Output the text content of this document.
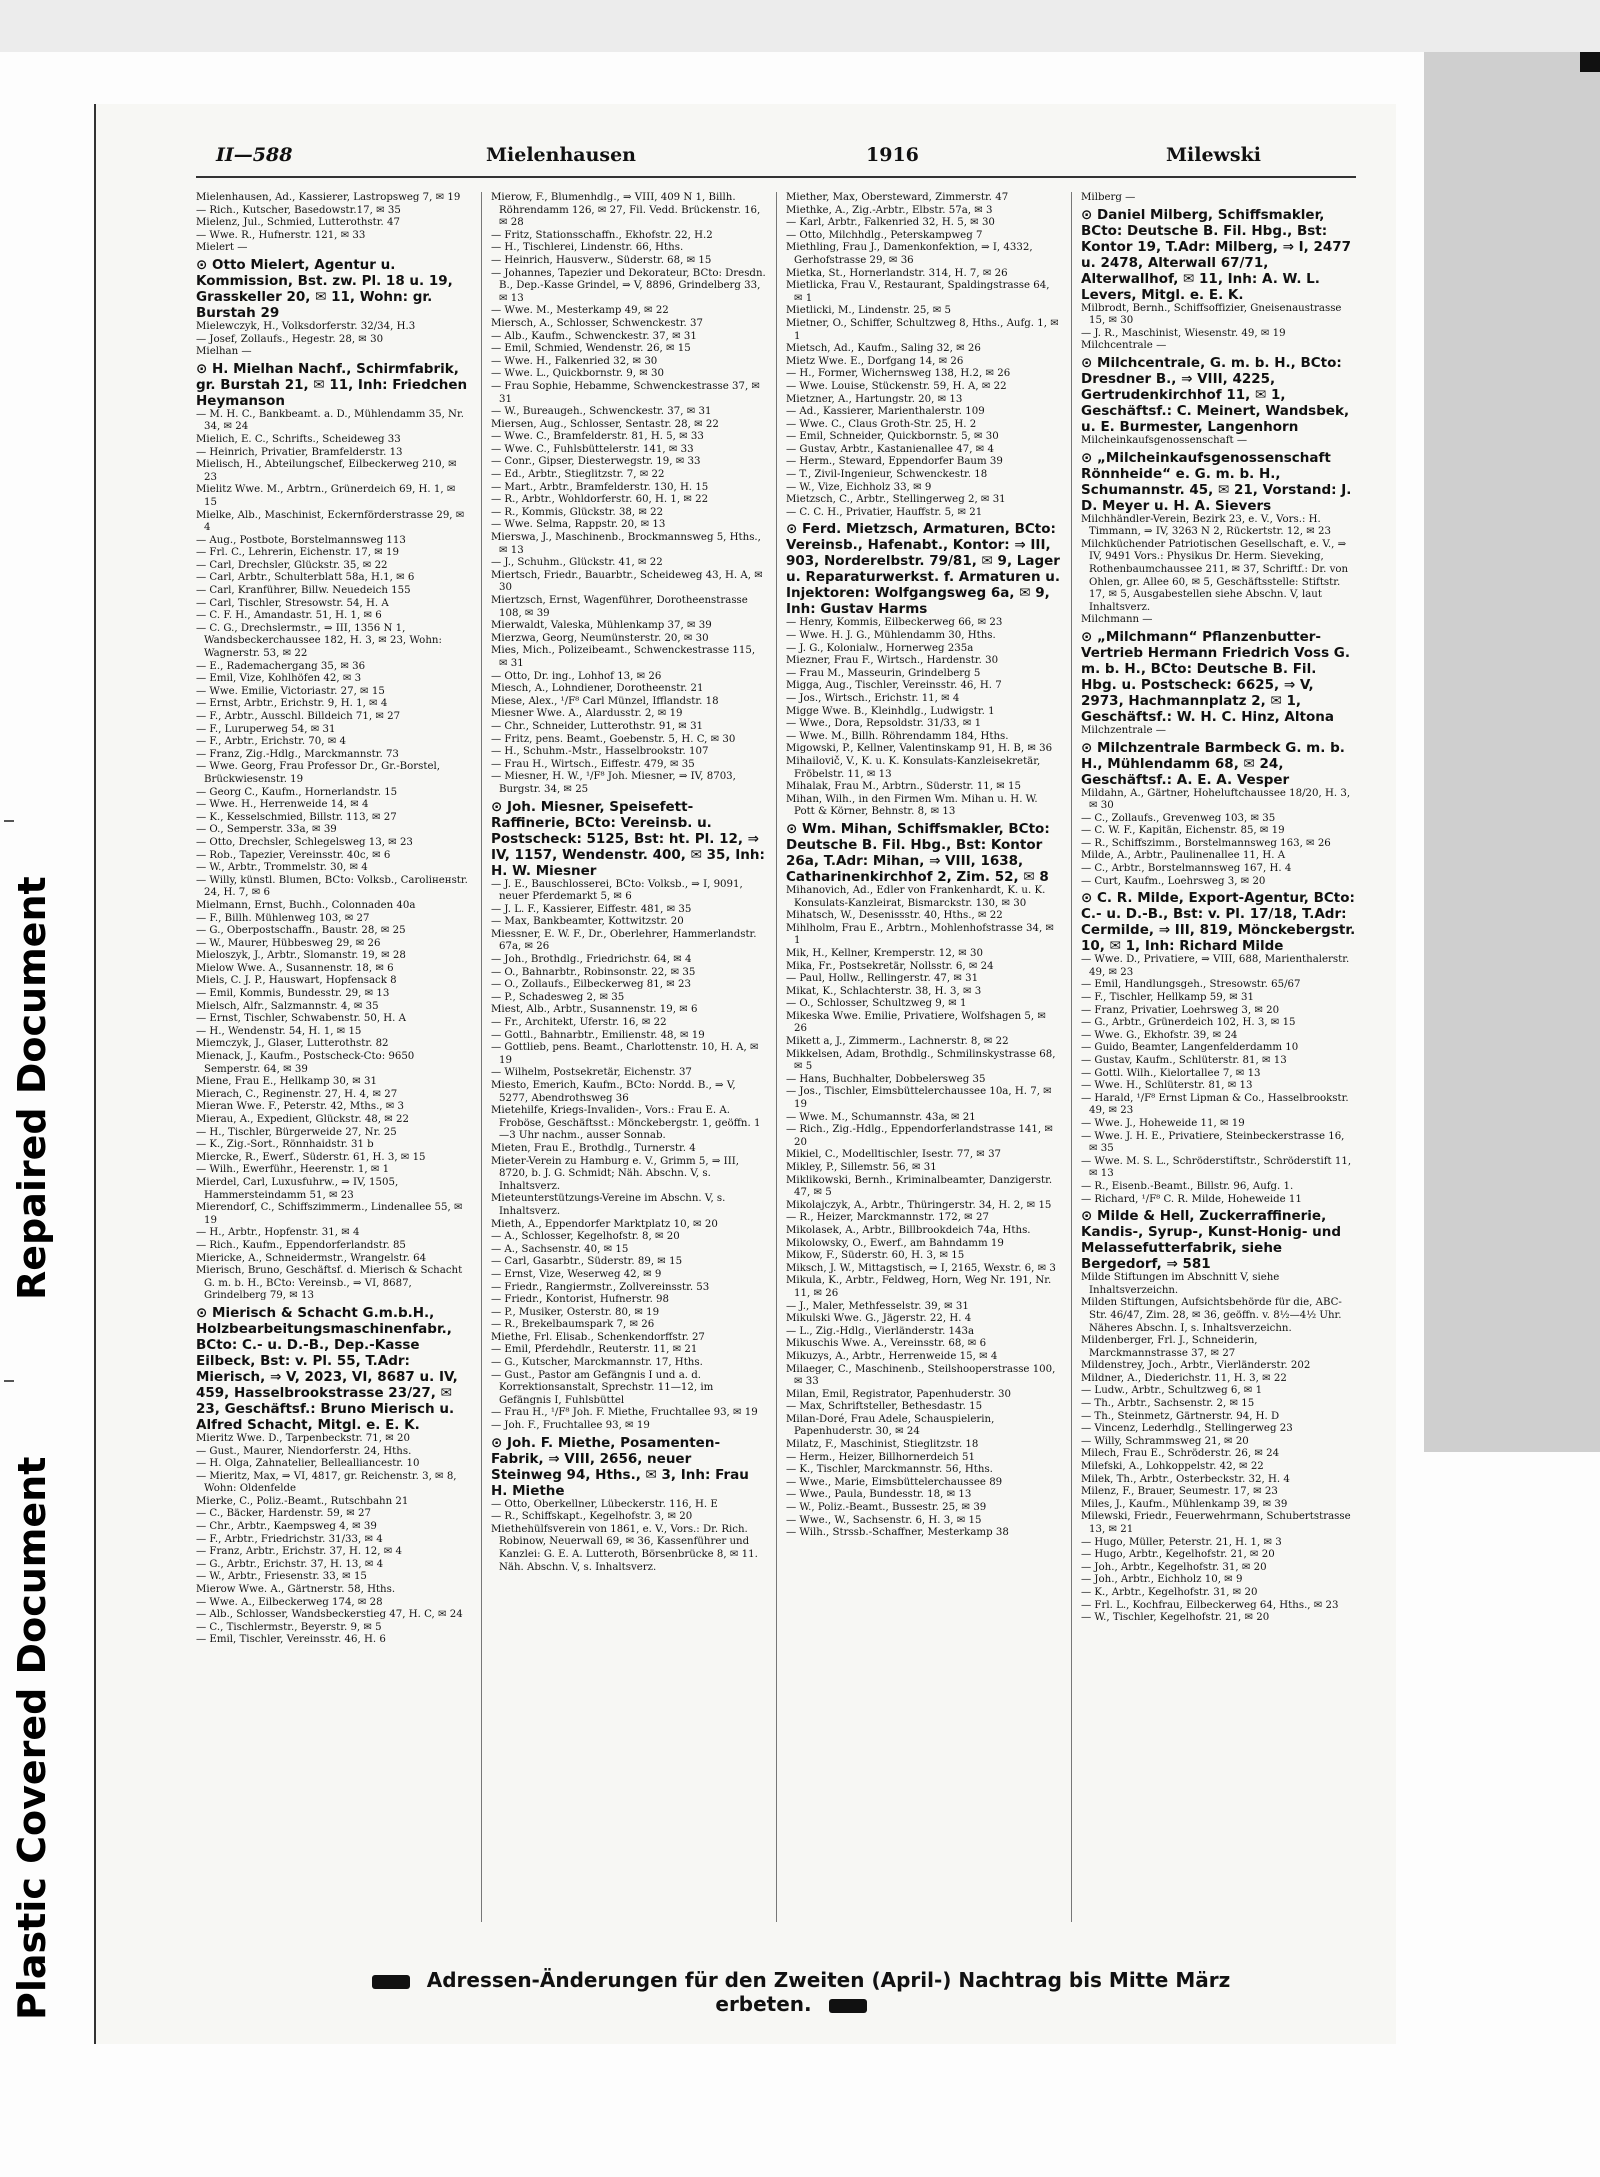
Repaired Document
Plastic Covered Document
II—588	Mielenhausen	1916	Milewski

Mielenhausen, Ad., Kassierer, Lastropsweg 7, ✉ 19

— Rich., Kutscher, Basedowstr.17, ✉ 35

Mielenz, Jul., Schmied, Lutterothstr. 47

— Wwe. R., Hufnerstr. 121, ✉ 33

Mielert —

⊙ Otto Mielert, Agentur u. Kommission, Bst. zw. Pl. 18 u. 19, Grasskeller 20, ✉ 11, Wohn: gr. Burstah 29

Mielewczyk, H., Volksdorferstr. 32/34, H.3

— Josef, Zollaufs., Hegestr. 28, ✉ 30

Mielhan —

⊙ H. Mielhan Nachf., Schirmfabrik, gr. Burstah 21, ✉ 11, Inh: Friedchen Heymanson

— M. H. C., Bankbeamt. a. D., Mühlendamm 35, Nr. 34, ✉ 24

Mielich, E. C., Schrifts., Scheideweg 33

— Heinrich, Privatier, Bramfelderstr. 13

Mielisch, H., Abteilungschef, Eilbeckerweg 210, ✉ 23

Mielitz Wwe. M., Arbtrn., Grünerdeich 69, H. 1, ✉ 15

Mielke, Alb., Maschinist, Eckernförderstrasse 29, ✉ 4

— Aug., Postbote, Borstelmannsweg 113

— Frl. C., Lehrerin, Eichenstr. 17, ✉ 19

— Carl, Drechsler, Glückstr. 35, ✉ 22

— Carl, Arbtr., Schulterblatt 58a, H.1, ✉ 6

— Carl, Kranführer, Billw. Neuedeich 155

— Carl, Tischler, Stresowstr. 54, H. A

— C. F. H., Amandastr. 51, H. 1, ✉ 6

— C. G., Drechslermstr., ⇒ III, 1356 N 1, Wandsbeckerchaussee 182, H. 3, ✉ 23, Wohn: Wagnerstr. 53, ✉ 22

— E., Rademachergang 35, ✉ 36

— Emil, Vize, Kohlhöfen 42, ✉ 3

— Wwe. Emilie, Victoriastr. 27, ✉ 15

— Ernst, Arbtr., Erichstr. 9, H. 1, ✉ 4

— F., Arbtr., Ausschl. Billdeich 71, ✉ 27

— F., Luruperweg 54, ✉ 31

— F., Arbtr., Erichstr. 70, ✉ 4

— Franz, Zig.-Hdlg., Marckmannstr. 73

— Wwe. Georg, Frau Professor Dr., Gr.-Borstel, Brückwiesenstr. 19

— Georg C., Kaufm., Hornerlandstr. 15

— Wwe. H., Herrenweide 14, ✉ 4

— K., Kesselschmied, Billstr. 113, ✉ 27

— O., Semperstr. 33a, ✉ 39

— Otto, Drechsler, Schlegelsweg 13, ✉ 23

— Rob., Tapezier, Vereinsstr. 40c, ✉ 6

— W., Arbtr., Trommelstr. 30, ✉ 4

— Willy, künstl. Blumen, BCto: Volksb., Caroliненstr. 24, H. 7, ✉ 6

Mielmann, Ernst, Buchh., Colonnaden 40a

— F., Billh. Mühlenweg 103, ✉ 27

— G., Oberpostschaffn., Baustr. 28, ✉ 25

— W., Maurer, Hübbesweg 29, ✉ 26

Mieloszyk, J., Arbtr., Slomanstr. 19, ✉ 28

Mielow Wwe. A., Susannenstr. 18, ✉ 6

Miels, C. J. P., Hauswart, Hopfensack 8

— Emil, Kommis, Bundesstr. 29, ✉ 13

Mielsch, Alfr., Salzmannstr. 4, ✉ 35

— Ernst, Tischler, Schwabenstr. 50, H. A

— H., Wendenstr. 54, H. 1, ✉ 15

Miemczyk, J., Glaser, Lutterothstr. 82

Mienack, J., Kaufm., Postscheck-Cto: 9650 Semperstr. 64, ✉ 39

Miene, Frau E., Hellkamp 30, ✉ 31

Mierach, C., Reginenstr. 27, H. 4, ✉ 27

Mieran Wwe. F., Peterstr. 42, Mths., ✉ 3

Mierau, A., Expedient, Glückstr. 48, ✉ 22

— H., Tischler, Bürgerweide 27, Nr. 25

— K., Zig.-Sort., Rönnhaidstr. 31 b

Miercke, R., Ewerf., Süderstr. 61, H. 3, ✉ 15

— Wilh., Ewerführ., Heerenstr. 1, ✉ 1

Mierdel, Carl, Luxusfuhrw., ⇒ IV, 1505, Hammersteindamm 51, ✉ 23

Mierendorf, C., Schiffszimmerm., Lindenallee 55, ✉ 19

— H., Arbtr., Hopfenstr. 31, ✉ 4

— Rich., Kaufm., Eppendorferlandstr. 85

Miericke, A., Schneidermstr., Wrangelstr. 64

Mierisch, Bruno, Geschäftsf. d. Mierisch & Schacht G. m. b. H., BCto: Vereinsb., ⇒ VI, 8687, Grindelberg 79, ✉ 13

⊙ Mierisch & Schacht G.m.b.H., Holzbearbeitungsmaschinenfabr., BCto: C.- u. D.-B., Dep.-Kasse Eilbeck, Bst: v. Pl. 55, T.Adr: Mierisch, ⇒ V, 2023, VI, 8687 u. IV, 459, Hasselbrookstrasse 23/27, ✉ 23, Geschäftsf.: Bruno Mierisch u. Alfred Schacht, Mitgl. e. E. K.

Mieritz Wwe. D., Tarpenbeckstr. 71, ✉ 20

— Gust., Maurer, Niendorferstr. 24, Hths.

— H. Olga, Zahnatelier, Bellealliancestr. 10

— Mieritz, Max, ⇒ VI, 4817, gr. Reichenstr. 3, ✉ 8, Wohn: Oldenfelde

Mierke, C., Poliz.-Beamt., Rutschbahn 21

— C., Bäcker, Hardenstr. 59, ✉ 27

— Chr., Arbtr., Kaempsweg 4, ✉ 39

— F., Arbtr., Friedrichstr. 31/33, ✉ 4

— Franz, Arbtr., Erichstr. 37, H. 12, ✉ 4

— G., Arbtr., Erichstr. 37, H. 13, ✉ 4

— W., Arbtr., Friesenstr. 33, ✉ 15

Mierow Wwe. A., Gärtnerstr. 58, Hths.

— Wwe. A., Eilbeckerweg 174, ✉ 28

— Alb., Schlosser, Wandsbeckerstieg 47, H. C, ✉ 24

— C., Tischlermstr., Beyerstr. 9, ✉ 5

— Emil, Tischler, Vereinsstr. 46, H. 6

Mierow, F., Blumenhdlg., ⇒ VIII, 409 N 1, Billh. Röhrendamm 126, ✉ 27, Fil. Vedd. Brückenstr. 16, ✉ 28

— Fritz, Stationsschaffn., Ekhofstr. 22, H.2

— H., Tischlerei, Lindenstr. 66, Hths.

— Heinrich, Hausverw., Süderstr. 68, ✉ 15

— Johannes, Tapezier und Dekorateur, BCto: Dresdn. B., Dep.-Kasse Grindel, ⇒ V, 8896, Grindelberg 33, ✉ 13

— Wwe. M., Mesterkamp 49, ✉ 22

Miersch, A., Schlosser, Schwenckestr. 37

— Alb., Kaufm., Schwenckestr. 37, ✉ 31

— Emil, Schmied, Wendenstr. 26, ✉ 15

— Wwe. H., Falkenried 32, ✉ 30

— Wwe. L., Quickbornstr. 9, ✉ 30

— Frau Sophie, Hebamme, Schwenckestrasse 37, ✉ 31

— W., Bureaugeh., Schwenckestr. 37, ✉ 31

Miersen, Aug., Schlosser, Sentastr. 28, ✉ 22

— Wwe. C., Bramfelderstr. 81, H. 5, ✉ 33

— Wwe. C., Fuhlsbüttelerstr. 141, ✉ 33

— Conr., Gipser, Diesterwegstr. 19, ✉ 33

— Ed., Arbtr., Stieglitzstr. 7, ✉ 22

— Mart., Arbtr., Bramfelderstr. 130, H. 15

— R., Arbtr., Wohldorferstr. 60, H. 1, ✉ 22

— R., Kommis, Glückstr. 38, ✉ 22

— Wwe. Selma, Rappstr. 20, ✉ 13

Mierswa, J., Maschinenb., Brockmannsweg 5, Hths., ✉ 13

— J., Schuhm., Glückstr. 41, ✉ 22

Miertsch, Friedr., Bauarbtr., Scheideweg 43, H. A, ✉ 30

Miertzsch, Ernst, Wagenführer, Dorotheenstrasse 108, ✉ 39

Mierwaldt, Valeska, Mühlenkamp 37, ✉ 39

Mierzwa, Georg, Neumünsterstr. 20, ✉ 30

Mies, Mich., Polizeibeamt., Schwenckestrasse 115, ✉ 31

— Otto, Dr. ing., Lohhof 13, ✉ 26

Miesch, A., Lohndiener, Dorotheenstr. 21

Miese, Alex., ¹/F⁸ Carl Münzel, Ifflandstr. 18

Miesner Wwe. A., Alardusstr. 2, ✉ 19

— Chr., Schneider, Lutterothstr. 91, ✉ 31

— Fritz, pens. Beamt., Goebenstr. 5, H. C, ✉ 30

— H., Schuhm.-Mstr., Hasselbrookstr. 107

— Frau H., Wirtsch., Eiffestr. 479, ✉ 35

— Miesner, H. W., ¹/F⁸ Joh. Miesner, ⇒ IV, 8703, Burgstr. 34, ✉ 25

⊙ Joh. Miesner, Speisefett-Raffinerie, BCto: Vereinsb. u. Postscheck: 5125, Bst: ht. Pl. 12, ⇒ IV, 1157, Wendenstr. 400, ✉ 35, Inh: H. W. Miesner

— J. E., Bauschlosserei, BCto: Volksb., ⇒ I, 9091, neuer Pferdemarkt 5, ✉ 6

— J. L. F., Kassierer, Eiffestr. 481, ✉ 35

— Max, Bankbeamter, Kottwitzstr. 20

Miessner, E. W. F., Dr., Oberlehrer, Hammerlandstr. 67a, ✉ 26

— Joh., Brothdlg., Friedrichstr. 64, ✉ 4

— O., Bahnarbtr., Robinsonstr. 22, ✉ 35

— O., Zollaufs., Eilbeckerweg 81, ✉ 23

— P., Schadesweg 2, ✉ 35

Miest, Alb., Arbtr., Susannenstr. 19, ✉ 6

— Fr., Architekt, Uferstr. 16, ✉ 22

— Gottl., Bahnarbtr., Emilienstr. 48, ✉ 19

— Gottlieb, pens. Beamt., Charlottenstr. 10, H. A, ✉ 19

— Wilhelm, Postsekretär, Eichenstr. 37

Miesto, Emerich, Kaufm., BCto: Nordd. B., ⇒ V, 5277, Abendrothsweg 36

Mietehilfe, Kriegs-Invaliden-, Vors.: Frau E. A. Froböse, Geschäftsst.: Mönckebergstr. 1, geöffn. 1—3 Uhr nachm., ausser Sonnab.

Mieten, Frau E., Brothdlg., Turnerstr. 4

Mieter-Verein zu Hamburg e. V., Grimm 5, ⇒ III, 8720, b. J. G. Schmidt; Näh. Abschn. V, s. Inhaltsverz.

Mieteunterstützungs-Vereine im Abschn. V, s. Inhaltsverz.

Mieth, A., Eppendorfer Marktplatz 10, ✉ 20

— A., Schlosser, Kegelhofstr. 8, ✉ 20

— A., Sachsenstr. 40, ✉ 15

— Carl, Gasarbtr., Süderstr. 89, ✉ 15

— Ernst, Vize, Weserweg 42, ✉ 9

— Friedr., Rangiermstr., Zollvereinsstr. 53

— Friedr., Kontorist, Hufnerstr. 98

— P., Musiker, Osterstr. 80, ✉ 19

— R., Brekelbaumspark 7, ✉ 26

Miethe, Frl. Elisab., Schenkendorffstr. 27

— Emil, Pferdehdlr., Reuterstr. 11, ✉ 21

— G., Kutscher, Marckmannstr. 17, Hths.

— Gust., Pastor am Gefängnis I und a. d. Korrektionsanstalt, Sprechstr. 11—12, im Gefängnis I, Fuhlsbüttel

— Frau H., ¹/F⁸ Joh. F. Miethe, Fruchtallee 93, ✉ 19

— Joh. F., Fruchtallee 93, ✉ 19

⊙ Joh. F. Miethe, Posamenten-Fabrik, ⇒ VIII, 2656, neuer Steinweg 94, Hths., ✉ 3, Inh: Frau H. Miethe

— Otto, Oberkellner, Lübeckerstr. 116, H. E

— R., Schiffskapt., Kegelhofstr. 3, ✉ 20

Miethehülfsverein von 1861, e. V., Vors.: Dr. Rich. Robinow, Neuerwall 69, ✉ 36, Kassenführer und Kanzlei: G. E. A. Lutteroth, Börsenbrücke 8, ✉ 11. Näh. Abschn. V, s. Inhaltsverz.

Miether, Max, Obersteward, Zimmerstr. 47

Miethke, A., Zig.-Arbtr., Elbstr. 57a, ✉ 3

— Karl, Arbtr., Falkenried 32, H. 5, ✉ 30

— Otto, Milchhdlg., Peterskampweg 7

Miethling, Frau J., Damenkonfektion, ⇒ I, 4332, Gerhofstrasse 29, ✉ 36

Mietka, St., Hornerlandstr. 314, H. 7, ✉ 26

Mietlicka, Frau V., Restaurant, Spaldingstrasse 64, ✉ 1

Mietlicki, M., Lindenstr. 25, ✉ 5

Mietner, O., Schiffer, Schultzweg 8, Hths., Aufg. 1, ✉ 1

Mietsch, Ad., Kaufm., Saling 32, ✉ 26

Mietz Wwe. E., Dorfgang 14, ✉ 26

— H., Former, Wichernsweg 138, H.2, ✉ 26

— Wwe. Louise, Stückenstr. 59, H. A, ✉ 22

Mietzner, A., Hartungstr. 20, ✉ 13

— Ad., Kassierer, Marienthalerstr. 109

— Wwe. C., Claus Groth-Str. 25, H. 2

— Emil, Schneider, Quickbornstr. 5, ✉ 30

— Gustav, Arbtr., Kastanienallee 47, ✉ 4

— Herm., Steward, Eppendorfer Baum 39

— T., Zivil-Ingenieur, Schwenckestr. 18

— W., Vize, Eichholz 33, ✉ 9

Mietzsch, C., Arbtr., Stellingerweg 2, ✉ 31

— C. C. H., Privatier, Hauffstr. 5, ✉ 21

⊙ Ferd. Mietzsch, Armaturen, BCto: Vereinsb., Hafenabt., Kontor: ⇒ III, 903, Norderelbstr. 79/81, ✉ 9, Lager u. Reparaturwerkst. f. Armaturen u. Injektoren: Wolfgangsweg 6a, ✉ 9, Inh: Gustav Harms

— Henry, Kommis, Eilbeckerweg 66, ✉ 23

— Wwe. H. J. G., Mühlendamm 30, Hths.

— J. G., Kolonialw., Hornerweg 235a

Miezner, Frau F., Wirtsch., Hardenstr. 30

— Frau M., Masseurin, Grindelberg 5

Migga, Aug., Tischler, Vereinsstr. 46, H. 7

— Jos., Wirtsch., Erichstr. 11, ✉ 4

Migge Wwe. B., Kleinhdlg., Ludwigstr. 1

— Wwe., Dora, Repsoldstr. 31/33, ✉ 1

— Wwe. M., Billh. Röhrendamm 184, Hths.

Migowski, P., Kellner, Valentinskamp 91, H. B, ✉ 36

Mihailovič, V., K. u. K. Konsulats-Kanzleisekretär, Fröbelstr. 11, ✉ 13

Mihalak, Frau M., Arbtrn., Süderstr. 11, ✉ 15

Mihan, Wilh., in den Firmen Wm. Mihan u. H. W. Pott & Körner, Behnstr. 8, ✉ 13

⊙ Wm. Mihan, Schiffsmakler, BCto: Deutsche B. Fil. Hbg., Bst: Kontor 26a, T.Adr: Mihan, ⇒ VIII, 1638, Catharinenkirchhof 2, Zim. 52, ✉ 8

Mihanovich, Ad., Edler von Frankenhardt, K. u. K. Konsulats-Kanzleirat, Bismarckstr. 130, ✉ 30

Mihatsch, W., Desenissstr. 40, Hths., ✉ 22

Mihlholm, Frau E., Arbtrn., Mohlenhofstrasse 34, ✉ 1

Mik, H., Kellner, Kremperstr. 12, ✉ 30

Mika, Fr., Postsekretär, Nollsstr. 6, ✉ 24

— Paul, Hollw., Rellingerstr. 47, ✉ 31

Mikat, K., Schlachterstr. 38, H. 3, ✉ 3

— O., Schlosser, Schultzweg 9, ✉ 1

Mikeska Wwe. Emilie, Privatiere, Wolfshagen 5, ✉ 26

Mikett a, J., Zimmerm., Lachnerstr. 8, ✉ 22

Mikkelsen, Adam, Brothdlg., Schmilinskystrasse 68, ✉ 5

— Hans, Buchhalter, Dobbelersweg 35

— Jos., Tischler, Eimsbüttelerchaussee 10a, H. 7, ✉ 19

— Wwe. M., Schumannstr. 43a, ✉ 21

— Rich., Zig.-Hdlg., Eppendorferlandstrasse 141, ✉ 20

Mikiel, C., Modelltischler, Isestr. 77, ✉ 37

Mikley, P., Sillemstr. 56, ✉ 31

Miklikowski, Bernh., Kriminalbeamter, Danzigerstr. 47, ✉ 5

Mikolajczyk, A., Arbtr., Thüringerstr. 34, H. 2, ✉ 15

— R., Heizer, Marckmannstr. 172, ✉ 27

Mikolasek, A., Arbtr., Billbrookdeich 74a, Hths.

Mikolowsky, O., Ewerf., am Bahndamm 19

Mikow, F., Süderstr. 60, H. 3, ✉ 15

Miksch, J. W., Mittagstisch, ⇒ I, 2165, Wexstr. 6, ✉ 3

Mikula, K., Arbtr., Feldweg, Horn, Weg Nr. 191, Nr. 11, ✉ 26

— J., Maler, Methfesselstr. 39, ✉ 31

Mikulski Wwe. G., Jägerstr. 22, H. 4

— L., Zig.-Hdlg., Vierländerstr. 143a

Mikuschis Wwe. A., Vereinsstr. 68, ✉ 6

Mikuzys, A., Arbtr., Herrenweide 15, ✉ 4

Milaeger, C., Maschinenb., Steilshooperstrasse 100, ✉ 33

Milan, Emil, Registrator, Papenhuderstr. 30

— Max, Schriftsteller, Bethesdastr. 15

Milan-Doré, Frau Adele, Schauspielerin, Papenhuderstr. 30, ✉ 24

Milatz, F., Maschinist, Stieglitzstr. 18

— Herm., Heizer, Billhornerdeich 51

— K., Tischler, Marckmannstr. 56, Hths.

— Wwe., Marie, Eimsbüttelerchaussee 89

— Wwe., Paula, Bundesstr. 18, ✉ 13

— W., Poliz.-Beamt., Bussestr. 25, ✉ 39

— Wwe., W., Sachsenstr. 6, H. 3, ✉ 15

— Wilh., Strssb.-Schaffner, Mesterkamp 38

Milberg —

⊙ Daniel Milberg, Schiffsmakler, BCto: Deutsche B. Fil. Hbg., Bst: Kontor 19, T.Adr: Milberg, ⇒ I, 2477 u. 2478, Alterwall 67/71, Alterwallhof, ✉ 11, Inh: A. W. L. Levers, Mitgl. e. E. K.

Milbrodt, Bernh., Schiffsoffizier, Gneisenaustrasse 15, ✉ 30

— J. R., Maschinist, Wiesenstr. 49, ✉ 19

Milchcentrale —

⊙ Milchcentrale, G. m. b. H., BCto: Dresdner B., ⇒ VIII, 4225, Gertrudenkirchhof 11, ✉ 1, Geschäftsf.: C. Meinert, Wandsbek, u. E. Burmester, Langenhorn

Milcheinkaufsgenossenschaft —

⊙ „Milcheinkaufsgenossenschaft Rönnheide“ e. G. m. b. H., Schumannstr. 45, ✉ 21, Vorstand: J. D. Meyer u. H. A. Sievers

Milchhändler-Verein, Bezirk 23, e. V., Vors.: H. Timmann, ⇒ IV, 3263 N 2, Rückertstr. 12, ✉ 23

Milchküchender Patriotischen Gesellschaft, e. V., ⇒ IV, 9491 Vors.: Physikus Dr. Herm. Sieveking, Rothenbaumchaussee 211, ✉ 37, Schriftf.: Dr. von Ohlen, gr. Allee 60, ✉ 5, Geschäftsstelle: Stiftstr. 17, ✉ 5, Ausgabestellen siehe Abschn. V, laut Inhaltsverz.

Milchmann —

⊙ „Milchmann“ Pflanzenbutter-Vertrieb Hermann Friedrich Voss G. m. b. H., BCto: Deutsche B. Fil. Hbg. u. Postscheck: 6625, ⇒ V, 2973, Hachmannplatz 2, ✉ 1, Geschäftsf.: W. H. C. Hinz, Altona

Milchzentrale —

⊙ Milchzentrale Barmbeck G. m. b. H., Mühlendamm 68, ✉ 24, Geschäftsf.: A. E. A. Vesper

Mildahn, A., Gärtner, Hoheluftchaussee 18/20, H. 3, ✉ 30

— C., Zollaufs., Grevenweg 103, ✉ 35

— C. W. F., Kapitän, Eichenstr. 85, ✉ 19

— R., Schiffszimm., Borstelmannsweg 163, ✉ 26

Milde, A., Arbtr., Paulinenallee 11, H. A

— C., Arbtr., Borstelmannsweg 167, H. 4

— Curt, Kaufm., Loehrsweg 3, ✉ 20

⊙ C. R. Milde, Export-Agentur, BCto: C.- u. D.-B., Bst: v. Pl. 17/18, T.Adr: Cermilde, ⇒ III, 819, Mönckebergstr. 10, ✉ 1, Inh: Richard Milde

— Wwe. D., Privatiere, ⇒ VIII, 688, Marienthalerstr. 49, ✉ 23

— Emil, Handlungsgeh., Stresowstr. 65/67

— F., Tischler, Hellkamp 59, ✉ 31

— Franz, Privatier, Loehrsweg 3, ✉ 20

— G., Arbtr., Grünerdeich 102, H. 3, ✉ 15

— Wwe. G., Ekhofstr. 39, ✉ 24

— Guido, Beamter, Langenfelderdamm 10

— Gustav, Kaufm., Schlüterstr. 81, ✉ 13

— Gottl. Wilh., Kielortallee 7, ✉ 13

— Wwe. H., Schlüterstr. 81, ✉ 13

— Harald, ¹/F⁸ Ernst Lipman & Co., Hasselbrookstr. 49, ✉ 23

— Wwe. J., Hoheweide 11, ✉ 19

— Wwe. J. H. E., Privatiere, Steinbeckerstrasse 16, ✉ 35

— Wwe. M. S. L., Schröderstiftstr., Schröderstift 11, ✉ 13

— R., Eisenb.-Beamt., Billstr. 96, Aufg. 1.

— Richard, ¹/F⁸ C. R. Milde, Hoheweide 11

⊙ Milde & Hell, Zuckerraffinerie, Kandis-, Syrup-, Kunst-Honig- und Melassefutterfabrik, siehe Bergedorf, ⇒ 581

Milde Stiftungen im Abschnitt V, siehe Inhaltsverzeichn.

Milden Stiftungen, Aufsichtsbehörde für die, ABC-Str. 46/47, Zim. 28, ✉ 36, geöffn. v. 8½—4½ Uhr. Näheres Abschn. I, s. Inhaltsverzeichn.

Mildenberger, Frl. J., Schneiderin, Marckmannstrasse 37, ✉ 27

Mildenstrey, Joch., Arbtr., Vierländerstr. 202

Mildner, A., Diederichstr. 11, H. 3, ✉ 22

— Ludw., Arbtr., Schultzweg 6, ✉ 1

— Th., Arbtr., Sachsenstr. 2, ✉ 15

— Th., Steinmetz, Gärtnerstr. 94, H. D

— Vincenz, Lederhdlg., Stellingerweg 23

— Willy, Schrammsweg 21, ✉ 20

Milech, Frau E., Schröderstr. 26, ✉ 24

Milefski, A., Lohkoppelstr. 42, ✉ 22

Milek, Th., Arbtr., Osterbeckstr. 32, H. 4

Milenz, F., Brauer, Seumestr. 17, ✉ 23

Miles, J., Kaufm., Mühlenkamp 39, ✉ 39

Milewski, Friedr., Feuerwehrmann, Schubertstrasse 13, ✉ 21

— Hugo, Müller, Peterstr. 21, H. 1, ✉ 3

— Hugo, Arbtr., Kegelhofstr. 21, ✉ 20

— Joh., Arbtr., Kegelhofstr. 31, ✉ 20

— Joh., Arbtr., Eichholz 10, ✉ 9

— K., Arbtr., Kegelhofstr. 31, ✉ 20

— Frl. L., Kochfrau, Eilbeckerweg 64, Hths., ✉ 23

— W., Tischler, Kegelhofstr. 21, ✉ 20

Adressen-Änderungen für den Zweiten (April-) Nachtrag bis Mitte März erbeten.
